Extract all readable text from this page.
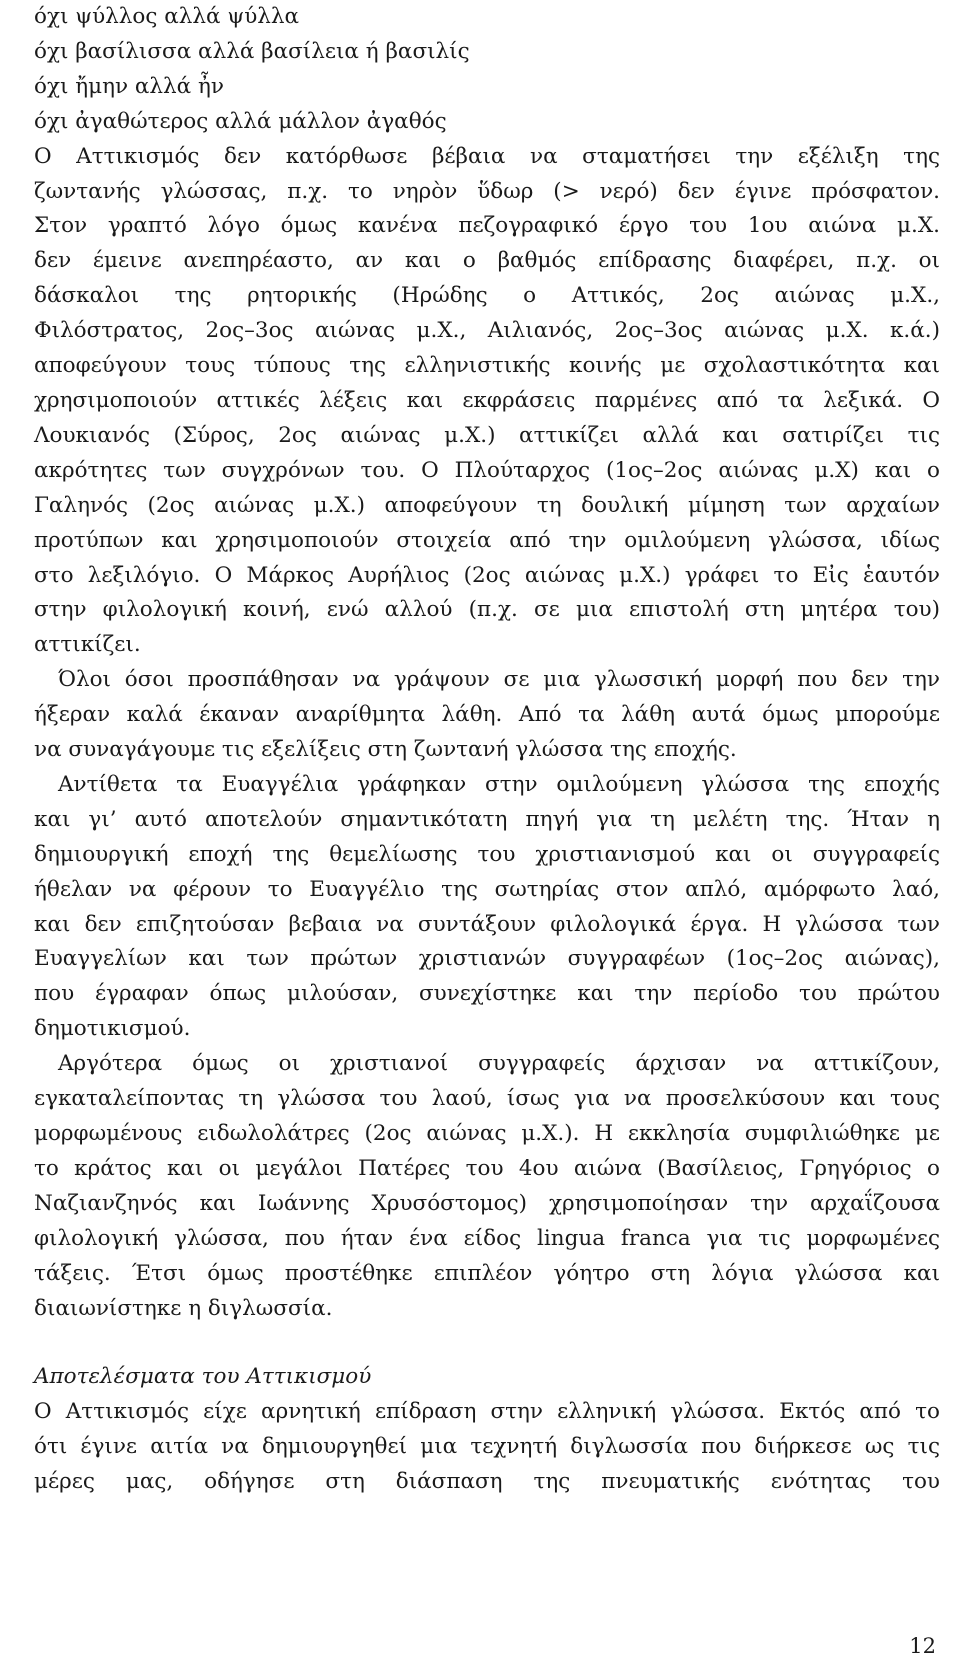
όχι ψύλλος αλλά ψύλλα
όχι βασίλισσα αλλά βασίλεια ή βασιλίς
όχι ἤμην αλλά ἦν
όχι ἀγαθώτερος αλλά μάλλον ἀγαθός
Ο Αττικισμός δεν κατόρθωσε βέβαια να σταματήσει την εξέλιξη της
ζωντανής γλώσσας, π.χ. το νηρὸν ὕδωρ (> νερό) δεν έγινε πρόσφατον.
Στον γραπτό λόγο όμως κανένα πεζογραφικό έργο του 1ου αιώνα μ.Χ.
δεν έμεινε ανεπηρέαστο, αν και ο βαθμός επίδρασης διαφέρει, π.χ. οι
δάσκαλοι της ρητορικής (Ηρώδης ο Αττικός, 2ος αιώνας μ.Χ.,
Φιλόστρατος, 2ος–3ος αιώνας μ.Χ., Αιλιανός, 2ος–3ος αιώνας μ.Χ. κ.ά.)
αποφεύγουν τους τύπους της ελληνιστικής κοινής με σχολαστικότητα και
χρησιμοποιούν αττικές λέξεις και εκφράσεις παρμένες από τα λεξικά. Ο
Λουκιανός (Σύρος, 2ος αιώνας μ.Χ.) αττικίζει αλλά και σατιρίζει τις
ακρότητες των συγχρόνων του. Ο Πλούταρχος (1ος–2ος αιώνας μ.Χ) και ο
Γαληνός (2ος αιώνας μ.Χ.) αποφεύγουν τη δουλική μίμηση των αρχαίων
προτύπων και χρησιμοποιούν στοιχεία από την ομιλούμενη γλώσσα, ιδίως
στο λεξιλόγιο. Ο Μάρκος Αυρήλιος (2ος αιώνας μ.Χ.) γράφει το Εἰς ἑαυτόν
στην φιλολογική κοινή, ενώ αλλού (π.χ. σε μια επιστολή στη μητέρα του)
αττικίζει.
Όλοι όσοι προσπάθησαν να γράψουν σε μια γλωσσική μορφή που δεν την
ήξεραν καλά έκαναν αναρίθμητα λάθη. Από τα λάθη αυτά όμως μπορούμε
να συναγάγουμε τις εξελίξεις στη ζωντανή γλώσσα της εποχής.
Αντίθετα τα Ευαγγέλια γράφηκαν στην ομιλούμενη γλώσσα της εποχής
και γι’ αυτό αποτελούν σημαντικότατη πηγή για τη μελέτη της. Ήταν η
δημιουργική εποχή της θεμελίωσης του χριστιανισμού και οι συγγραφείς
ήθελαν να φέρουν το Ευαγγέλιο της σωτηρίας στον απλό, αμόρφωτο λαό,
και δεν επιζητούσαν βεβαια να συντάξουν φιλολογικά έργα. Η γλώσσα των
Ευαγγελίων και των πρώτων χριστιανών συγγραφέων (1ος–2ος αιώνας),
που έγραφαν όπως μιλούσαν, συνεχίστηκε και την περίοδο του πρώτου
δημοτικισμού.
Αργότερα όμως οι χριστιανοί συγγραφείς άρχισαν να αττικίζουν,
εγκαταλείποντας τη γλώσσα του λαού, ίσως για να προσελκύσουν και τους
μορφωμένους ειδωλολάτρες (2ος αιώνας μ.Χ.). Η εκκλησία συμφιλιώθηκε με
το κράτος και οι μεγάλοι Πατέρες του 4ου αιώνα (Βασίλειος, Γρηγόριος ο
Ναζιανζηνός και Ιωάννης Χρυσόστομος) χρησιμοποίησαν την αρχαΐζουσα
φιλολογική γλώσσα, που ήταν ένα είδος lingua franca για τις μορφωμένες
τάξεις. Έτσι όμως προστέθηκε επιπλέον γόητρο στη λόγια γλώσσα και
διαιωνίστηκε η διγλωσσία.
Αποτελέσματα του Αττικισμού
Ο Αττικισμός είχε αρνητική επίδραση στην ελληνική γλώσσα. Εκτός από το
ότι έγινε αιτία να δημιουργηθεί μια τεχνητή διγλωσσία που διήρκεσε ως τις
μέρες μας, οδήγησε στη διάσπαση της πνευματικής ενότητας του
12
